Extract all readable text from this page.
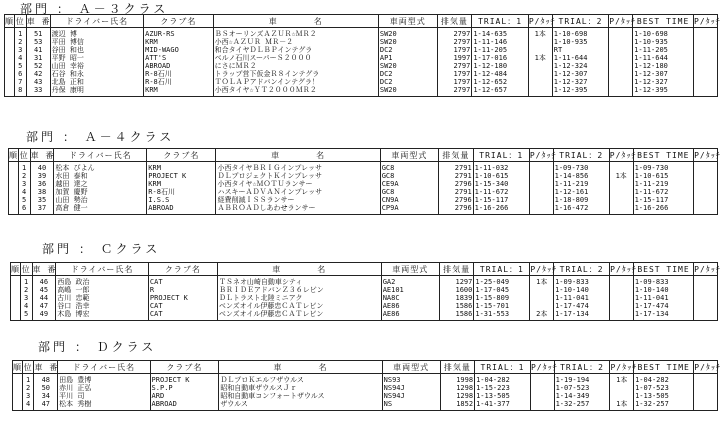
部門 ： Ａ－３クラス
順	位	車 番	ドライバー氏名	クラブ名	車　　　　名	車両型式	排気量	TRIAL：1	P/ﾀｯﾁ	TRIAL：2	P/ﾀｯﾁ	BEST TIME	P/ﾀｯﾁ
	1	51	渡辺 博	AZUR-RS	ＢＳオーリンズＡＺＵＲ☆ＭＲ２	SW20	2797	1-14-635	1本	1-10-698		1-10-698	
	2	53	平田 博信	KRM	小西☆ＡＺＵＲ ＭＲ－２	SW20	2797	1-11-146		1-10-935		1-10-935	
	3	41	谷田 和也	MID-WAGO	和合タイヤＤＬＢＰインテグラ	DC2	1797	1-11-205		RT		1-11-205	
	4	31	平野 昭一	ATT'S	ベルノ石川スーパーＳ２０００	AP1	1997	1-17-016	1本	1-11-644		1-11-644	
	5	52	山田 幸裕	ABROAD	にさにＭＲ２	SW20	2797	1-12-180		1-12-324		1-12-180	
	6	42	石谷 和永	R-8石川	トラップ営下仮金Ｒ８インテグラ	DC2	1797	1-12-484		1-12-307		1-12-307	
	7	43	北島 正和	R-8石川	ＴＯＬＡＰアドバンインテグラ！	DC2	1797	1-12-652		1-12-327		1-12-327	
	8	33	丹保 康明	KRM	小西タイヤ☆ＹＴ２０００ＭＲ２	SW20	2797	1-12-657		1-12-395		1-12-395	
部門 ： Ａ－４クラス
順	位	車 番	ドライバー氏名	クラブ名	車　　　　名	車両型式	排気量	TRIAL：1	P/ﾀｯﾁ	TRIAL：2	P/ﾀｯﾁ	BEST TIME	P/ﾀｯﾁ
	1	40	松本 びよん	KRM	小西タイヤＢＲＩＧインプレッサ	GC8	2791	1-11-032		1-09-730		1-09-730	
	2	39	水田 泰和	PROJECT K	ＤＬプロジェクトＫインプレッサ	GC8	2791	1-10-615		1-14-856	1本	1-10-615	
	3	36	越田 達之	KRM	小西タイヤ☆ＭＯＴＵランサー	CE9A	2796	1-15-340		1-11-219		1-11-219	
	4	38	加賀 慶野	R-8石川	ハスキーＡＤＶＡＮインプレッサ	GC8	2791	1-11-672		1-12-161		1-11-672	
	5	35	山田 勢治	I.S.S	経費削減ＩＳＳランサー	CN9A	2796	1-15-117		1-18-809		1-15-117	
	6	37	高倉 健一	ABROAD	ＡＢＲＯＡＤしあわせランサー	CP9A	2796	1-16-266		1-16-472		1-16-266	
部門 ： Ｃクラス
順	位	車 番	ドライバー氏名	クラブ名	車　　　　名	車両型式	排気量	TRIAL：1	P/ﾀｯﾁ	TRIAL：2	P/ﾀｯﾁ	BEST TIME	P/ﾀｯﾁ
	1	46	西島 政治	CAT	ＴＳネオ山崎自動車シティ	GA2	1297	1-25-049	1本	1-09-833		1-09-833	
	2	45	高嶋 一郎	R	ＢＲＩＤＥアドバンＺ３６レビン	AE101	1600	1-17-045		1-10-140		1-10-140	
	3	44	古川 忠範	PROJECT K	ＤＬトラスト北陸ミニアク	NA8C	1839	1-15-809		1-11-041		1-11-041	
	4	47	谷口 浩幸	CAT	ベンズオイル伊藤忠ＣＡＴレビン	AE86	1586	1-15-701		1-17-474		1-17-474	
	5	49	木島 博宏	CAT	ベンズオイル伊藤忠ＣＡＴレビン	AE86	1586	1-31-553	2本	1-17-134		1-17-134	
部門 ： Ｄクラス
順	位	車 番	ドライバー氏名	クラブ名	車　　　　名	車両型式	排気量	TRIAL：1	P/ﾀｯﾁ	TRIAL：2	P/ﾀｯﾁ	BEST TIME	P/ﾀｯﾁ
	1	48	田島 豊博	PROJECT K	ＤＬプロＫエルフザウルス	NS93	1998	1-04-282		1-19-194	1本	1-04-282	
	2	50	赤川 正弘	S.P.P	昭和自動車ザウルスＪｒ	NS94J	1298	1-15-223		1-07-523		1-07-523	
	3	34	平川 司	ARD	昭和自動車コンフォートザウルス	NS94J	1298	1-13-505		1-14-349		1-13-505	
	4	47	松本 秀樹	ABROAD	ザウルス	NS	1852	1-41-377		1-32-257	1本	1-32-257	
